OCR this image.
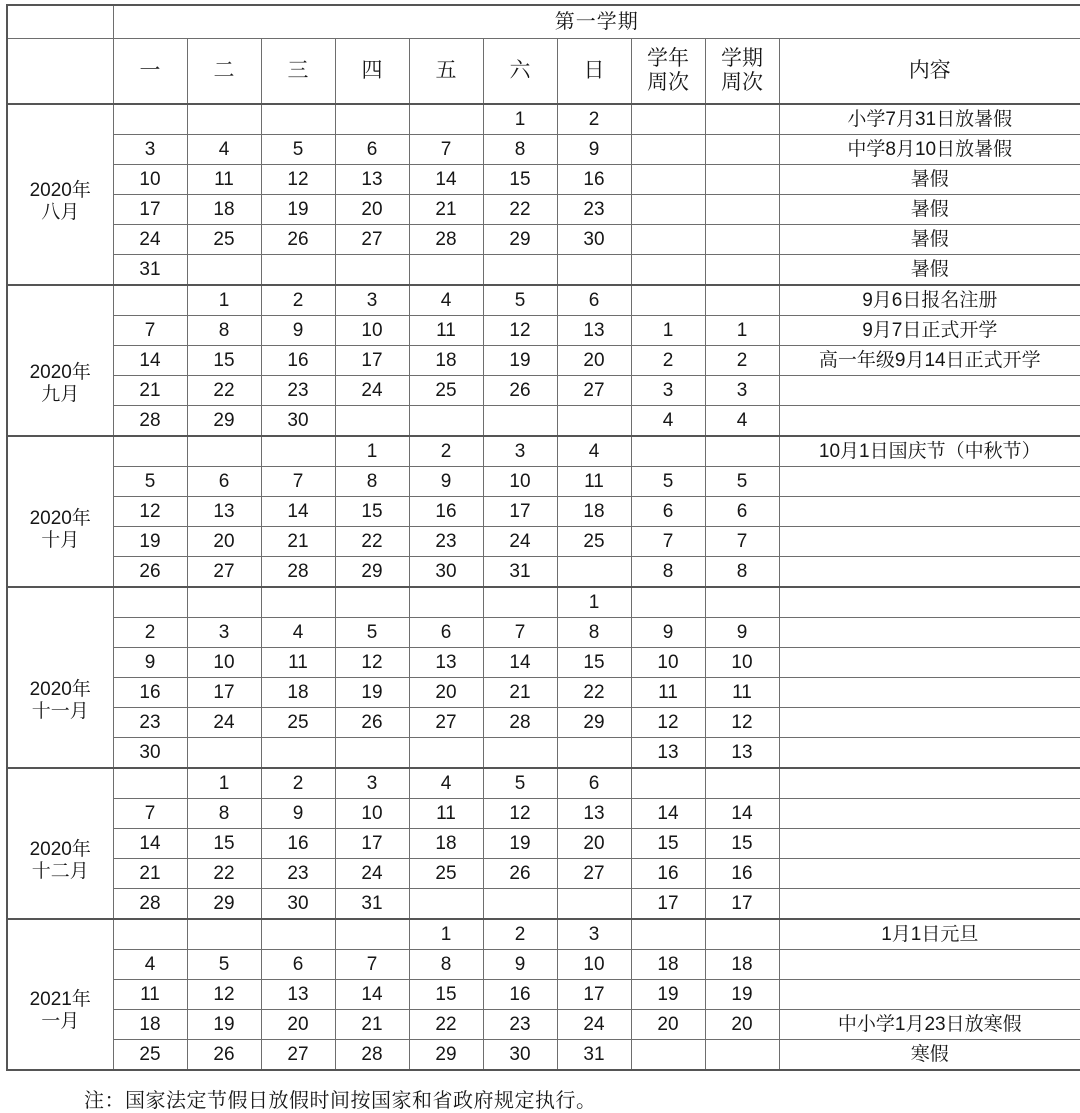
	第一学期									
	一	二	三	四	五	六	日	学年
周次	学期
周次	内容

2020年
八月						1	2			小学7月31日放暑假
	3	4	5	6	7	8	9			中学8月10日放暑假
	10	11	12	13	14	15	16			暑假
	17	18	19	20	21	22	23			暑假
	24	25	26	27	28	29	30			暑假
	31									暑假

2020年
九月		1	2	3	4	5	6			9月6日报名注册
	7	8	9	10	11	12	13	1	1	9月7日正式开学
	14	15	16	17	18	19	20	2	2	高一年级9月14日正式开学
	21	22	23	24	25	26	27	3	3	
	28	29	30					4	4	

2020年
十月				1	2	3	4			10月1日国庆节（中秋节）
	5	6	7	8	9	10	11	5	5	
	12	13	14	15	16	17	18	6	6	
	19	20	21	22	23	24	25	7	7	
	26	27	28	29	30	31		8	8	

2020年
十一月							1			
	2	3	4	5	6	7	8	9	9	
	9	10	11	12	13	14	15	10	10	
	16	17	18	19	20	21	22	11	11	
	23	24	25	26	27	28	29	12	12	
	30							13	13	

2020年
十二月		1	2	3	4	5	6			
	7	8	9	10	11	12	13	14	14	
	14	15	16	17	18	19	20	15	15	
	21	22	23	24	25	26	27	16	16	
	28	29	30	31				17	17	

2021年
一月					1	2	3			1月1日元旦
	4	5	6	7	8	9	10	18	18	
	11	12	13	14	15	16	17	19	19	
	18	19	20	21	22	23	24	20	20	中小学1月23日放寒假
	25	26	27	28	29	30	31			寒假
注：国家法定节假日放假时间按国家和省政府规定执行。
